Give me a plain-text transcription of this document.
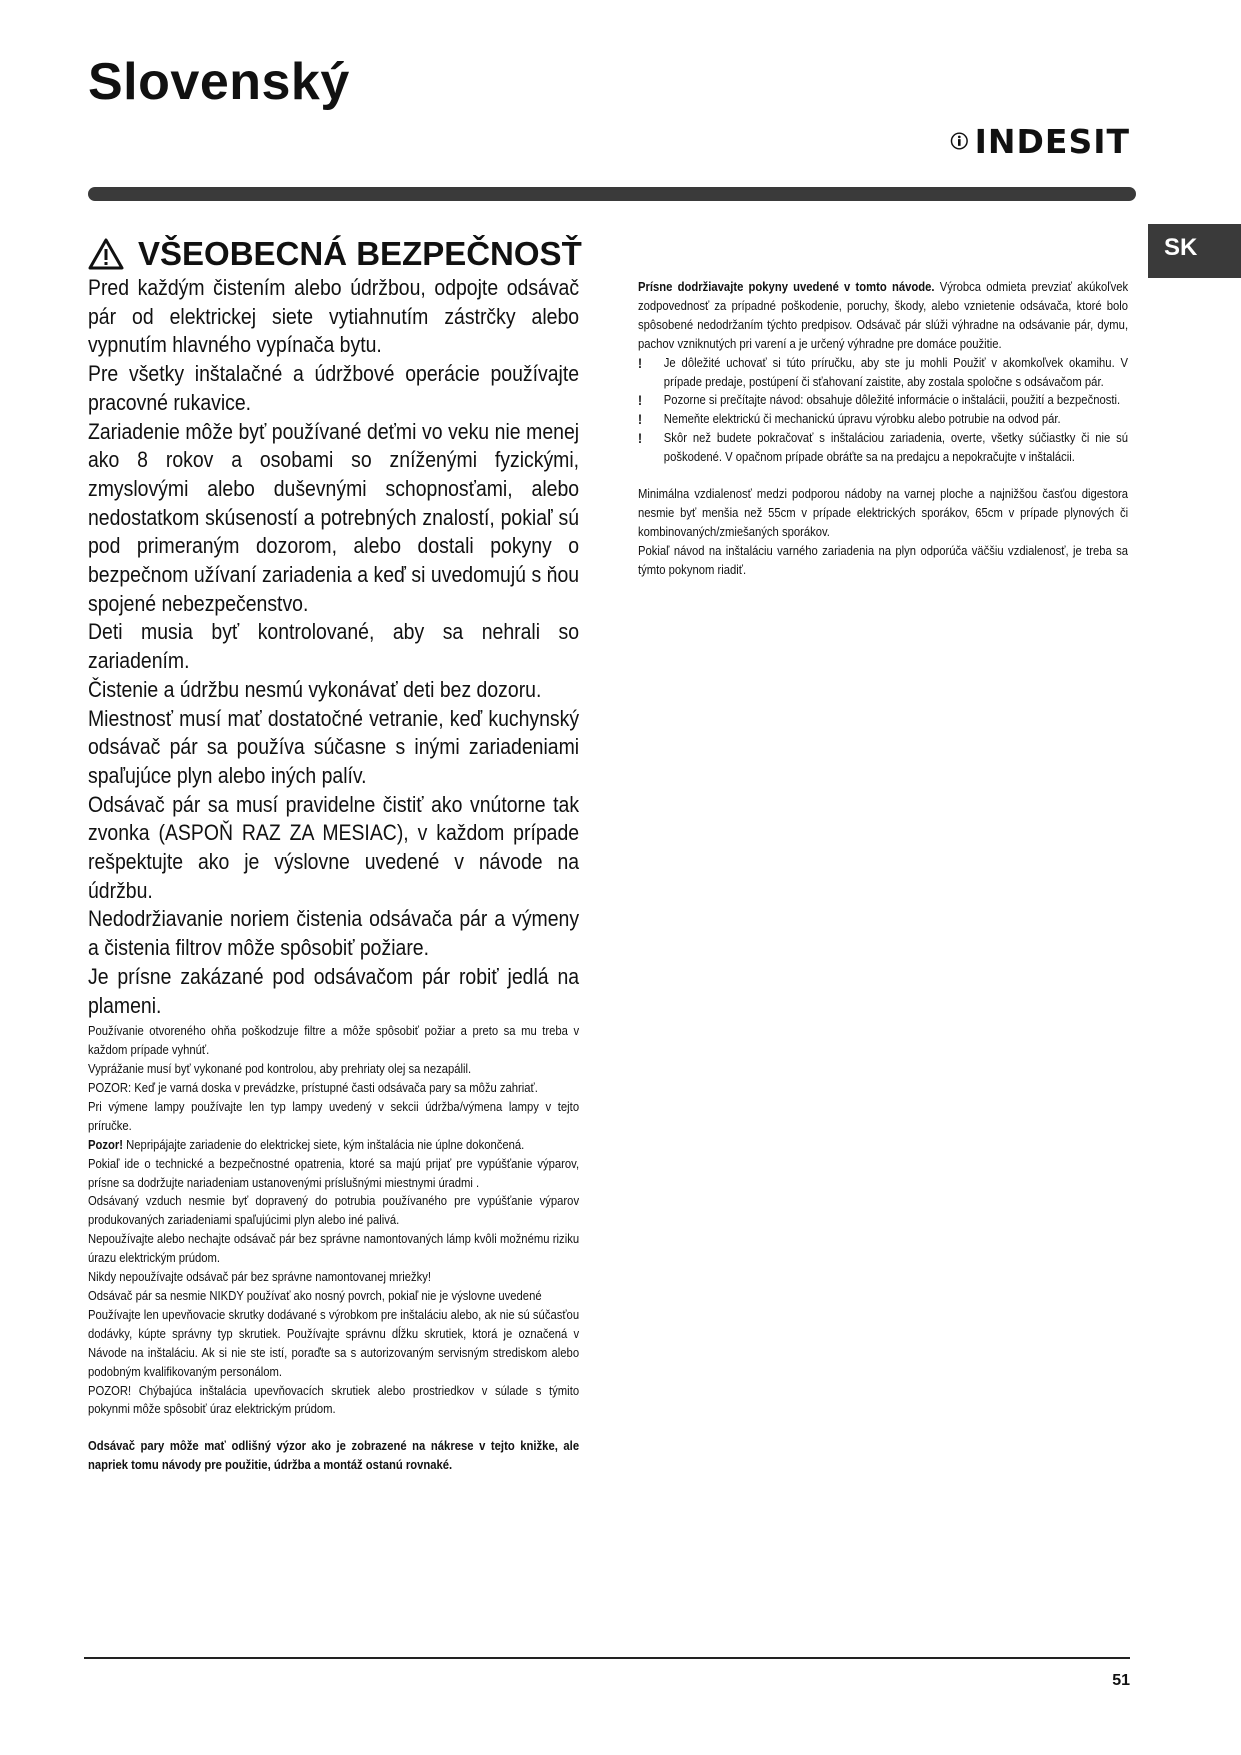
Slovenský
INDESIT
SK
VŠEOBECNÁ BEZPEČNOSŤ

Pred každým čistením alebo údržbou, odpojte odsávač pár od elektrickej siete vytiahnutím zástrčky alebo vypnutím hlavného vypínača bytu.

Pre všetky inštalačné a údržbové operácie používajte pracovné rukavice.

Zariadenie môže byť používané deťmi vo veku nie menej ako 8 rokov a osobami so zníženými fyzickými, zmyslovými alebo duševnými schopnosťami, alebo nedostatkom skúseností a potrebných znalostí, pokiaľ sú pod primeraným dozorom, alebo dostali pokyny o bezpečnom užívaní zariadenia a keď si uvedomujú s ňou spojené nebezpečenstvo.

Deti musia byť kontrolované, aby sa nehrali so zariadením.

Čistenie a údržbu nesmú vykonávať deti bez dozoru.

Miestnosť musí mať dostatočné vetranie, keď kuchynský odsávač pár sa používa súčasne s inými zariadeniami spaľujúce plyn alebo iných palív.

Odsávač pár sa musí pravidelne čistiť ako vnútorne tak zvonka (ASPOŇ RAZ ZA MESIAC), v každom prípade rešpektujte ako je výslovne uvedené v návode na údržbu.

Nedodržiavanie noriem čistenia odsávača pár a výmeny a čistenia filtrov môže spôsobiť požiare.

Je prísne zakázané pod odsávačom pár robiť jedlá na plameni.

Používanie otvoreného ohňa poškodzuje filtre a môže spôsobiť požiar a preto sa mu treba v každom prípade vyhnúť.

Vyprážanie musí byť vykonané pod kontrolou, aby prehriaty olej sa nezapálil.

POZOR: Keď je varná doska v prevádzke, prístupné časti odsávača pary sa môžu zahriať.

Pri výmene lampy používajte len typ lampy uvedený v sekcii údržba/výmena lampy v tejto príručke.

Pozor! Nepripájajte zariadenie do elektrickej siete, kým inštalácia nie úplne dokončená.

Pokiaľ ide o technické a bezpečnostné opatrenia, ktoré sa majú prijať pre vypúšťanie výparov, prísne sa dodržujte nariadeniam ustanovenými príslušnými miestnymi úradmi .

Odsávaný vzduch nesmie byť dopravený do potrubia používaného pre vypúšťanie výparov produkovaných zariadeniami spaľujúcimi plyn alebo iné palivá.

Nepoužívajte alebo nechajte odsávač pár bez správne namontovaných lámp kvôli možnému riziku úrazu elektrickým prúdom.

Nikdy nepoužívajte odsávač pár bez správne namontovanej mriežky!

Odsávač pár sa nesmie NIKDY používať ako nosný povrch, pokiaľ nie je výslovne uvedené

Používajte len upevňovacie skrutky dodávané s výrobkom pre inštaláciu alebo, ak nie sú súčasťou dodávky, kúpte správny typ skrutiek. Používajte správnu dĺžku skrutiek, ktorá je označená v Návode na inštaláciu. Ak si nie ste istí, poraďte sa s autorizovaným servisným strediskom alebo podobným kvalifikovaným personálom.

POZOR! Chýbajúca inštalácia upevňovacích skrutiek alebo prostriedkov v súlade s týmito pokynmi môže spôsobiť úraz elektrickým prúdom.

Odsávač pary môže mať odlišný výzor ako je zobrazené na nákrese v tejto knižke, ale napriek tomu návody pre použitie, údržba a montáž ostanú rovnaké.

Prísne dodržiavajte pokyny uvedené v tomto návode. Výrobca odmieta prevziať akúkoľvek zodpovednosť za prípadné poškodenie, poruchy, škody, alebo vznietenie odsávača, ktoré bolo spôsobené nedodržaním týchto predpisov. Odsávač pár slúži výhradne na odsávanie pár, dymu, pachov vzniknutých pri varení a je určený výhradne pre domáce použitie.

!	Je dôležité uchovať si túto príručku, aby ste ju mohli Použiť v akomkoľvek okamihu. V prípade predaje, postúpení či sťahovaní zaistite, aby zostala spoločne s odsávačom pár.
!	Pozorne si prečítajte návod: obsahuje dôležité informácie o inštalácii, použití a bezpečnosti.
!	Nemeňte elektrickú či mechanickú úpravu výrobku alebo potrubie na odvod pár.
!	Skôr než budete pokračovať s inštaláciou zariadenia, overte, všetky súčiastky či nie sú poškodené. V opačnom prípade obráťte sa na predajcu a nepokračujte v inštalácii.

Minimálna vzdialenosť medzi podporou nádoby na varnej ploche a najnižšou časťou digestora nesmie byť menšia než 55cm v prípade elektrických sporákov, 65cm v prípade plynových či kombinovaných/zmiešaných sporákov.

Pokiaľ návod na inštaláciu varného zariadenia na plyn odporúča väčšiu vzdialenosť, je treba sa týmto pokynom riadiť.

51
